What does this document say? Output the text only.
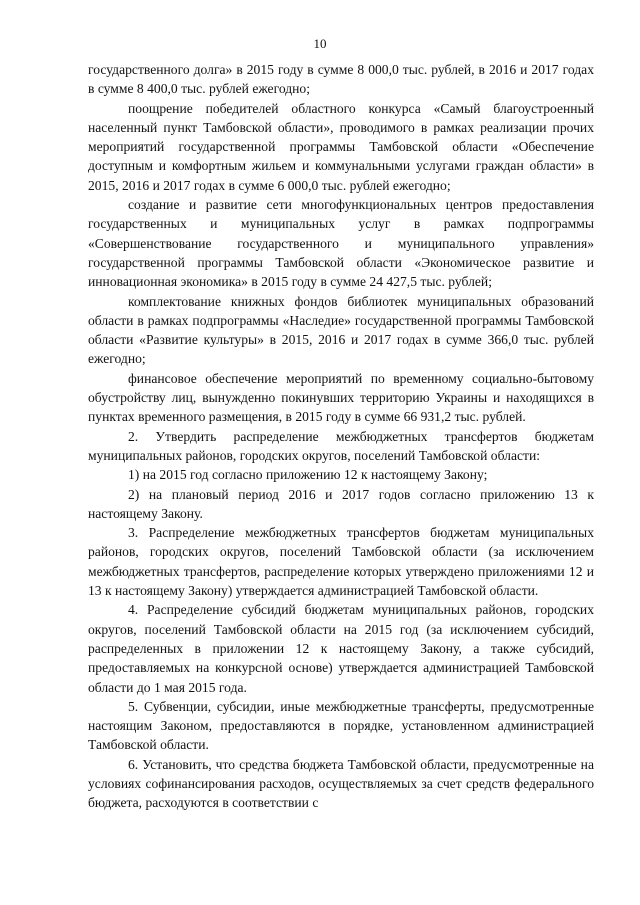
10

государственного долга» в 2015 году в сумме 8 000,0 тыс. рублей, в 2016 и 2017 годах в сумме 8 400,0 тыс. рублей ежегодно;

поощрение победителей областного конкурса «Самый благоустроенный населенный пункт Тамбовской области», проводимого в рамках реализации прочих мероприятий государственной программы Тамбовской области «Обеспечение доступным и комфортным жильем и коммунальными услугами граждан области» в 2015, 2016 и 2017 годах в сумме 6 000,0 тыс. рублей ежегодно;

создание и развитие сети многофункциональных центров предоставления государственных и муниципальных услуг в рамках подпрограммы «Совершенствование государственного и муниципального управления» государственной программы Тамбовской области «Экономическое развитие и инновационная экономика» в 2015 году в сумме 24 427,5 тыс. рублей;

комплектование книжных фондов библиотек муниципальных образований области в рамках подпрограммы «Наследие» государственной программы Тамбовской области «Развитие культуры» в 2015, 2016 и 2017 годах в сумме 366,0 тыс. рублей ежегодно;

финансовое обеспечение мероприятий по временному социально-бытовому обустройству лиц, вынужденно покинувших территорию Украины и находящихся в пунктах временного размещения, в 2015 году в сумме 66 931,2 тыс. рублей.

2. Утвердить распределение межбюджетных трансфертов бюджетам муниципальных районов, городских округов, поселений Тамбовской области:

1) на 2015 год согласно приложению 12 к настоящему Закону;

2) на плановый период 2016 и 2017 годов согласно приложению 13 к настоящему Закону.

3. Распределение межбюджетных трансфертов бюджетам муниципальных районов, городских округов, поселений Тамбовской области (за исключением межбюджетных трансфертов, распределение которых утверждено приложениями 12 и 13 к настоящему Закону) утверждается администрацией Тамбовской области.

4. Распределение субсидий бюджетам муниципальных районов, городских округов, поселений Тамбовской области на 2015 год (за исключением субсидий, распределенных в приложении 12 к настоящему Закону, а также субсидий, предоставляемых на конкурсной основе) утверждается администрацией Тамбовской области до 1 мая 2015 года.

5. Субвенции, субсидии, иные межбюджетные трансферты, предусмотренные настоящим Законом, предоставляются в порядке, установленном администрацией Тамбовской области.

6. Установить, что средства бюджета Тамбовской области, предусмотренные на условиях софинансирования расходов, осуществляемых за счет средств федерального бюджета, расходуются в соответствии с
